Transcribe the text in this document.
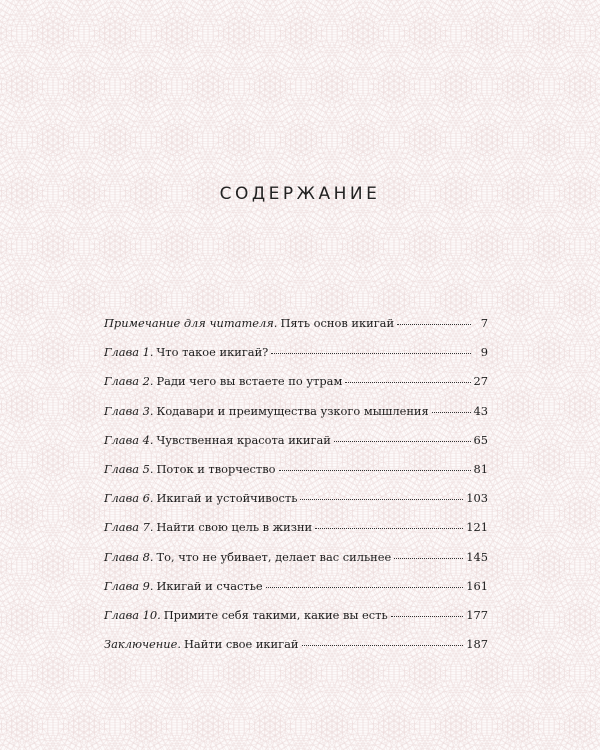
СОДЕРЖАНИЕ
Примечание для читателя. Пять основ икигай	7
Глава 1. Что такое икигай?	9
Глава 2. Ради чего вы встаете по утрам	27
Глава 3. Кодавари и преимущества узкого мышления	43
Глава 4. Чувственная красота икигай	65
Глава 5. Поток и творчество	81
Глава 6. Икигай и устойчивость	103
Глава 7. Найти свою цель в жизни	121
Глава 8. То, что не убивает, делает вас сильнее	145
Глава 9. Икигай и счастье	161
Глава 10. Примите себя такими, какие вы есть	177
Заключение. Найти свое икигай	187
